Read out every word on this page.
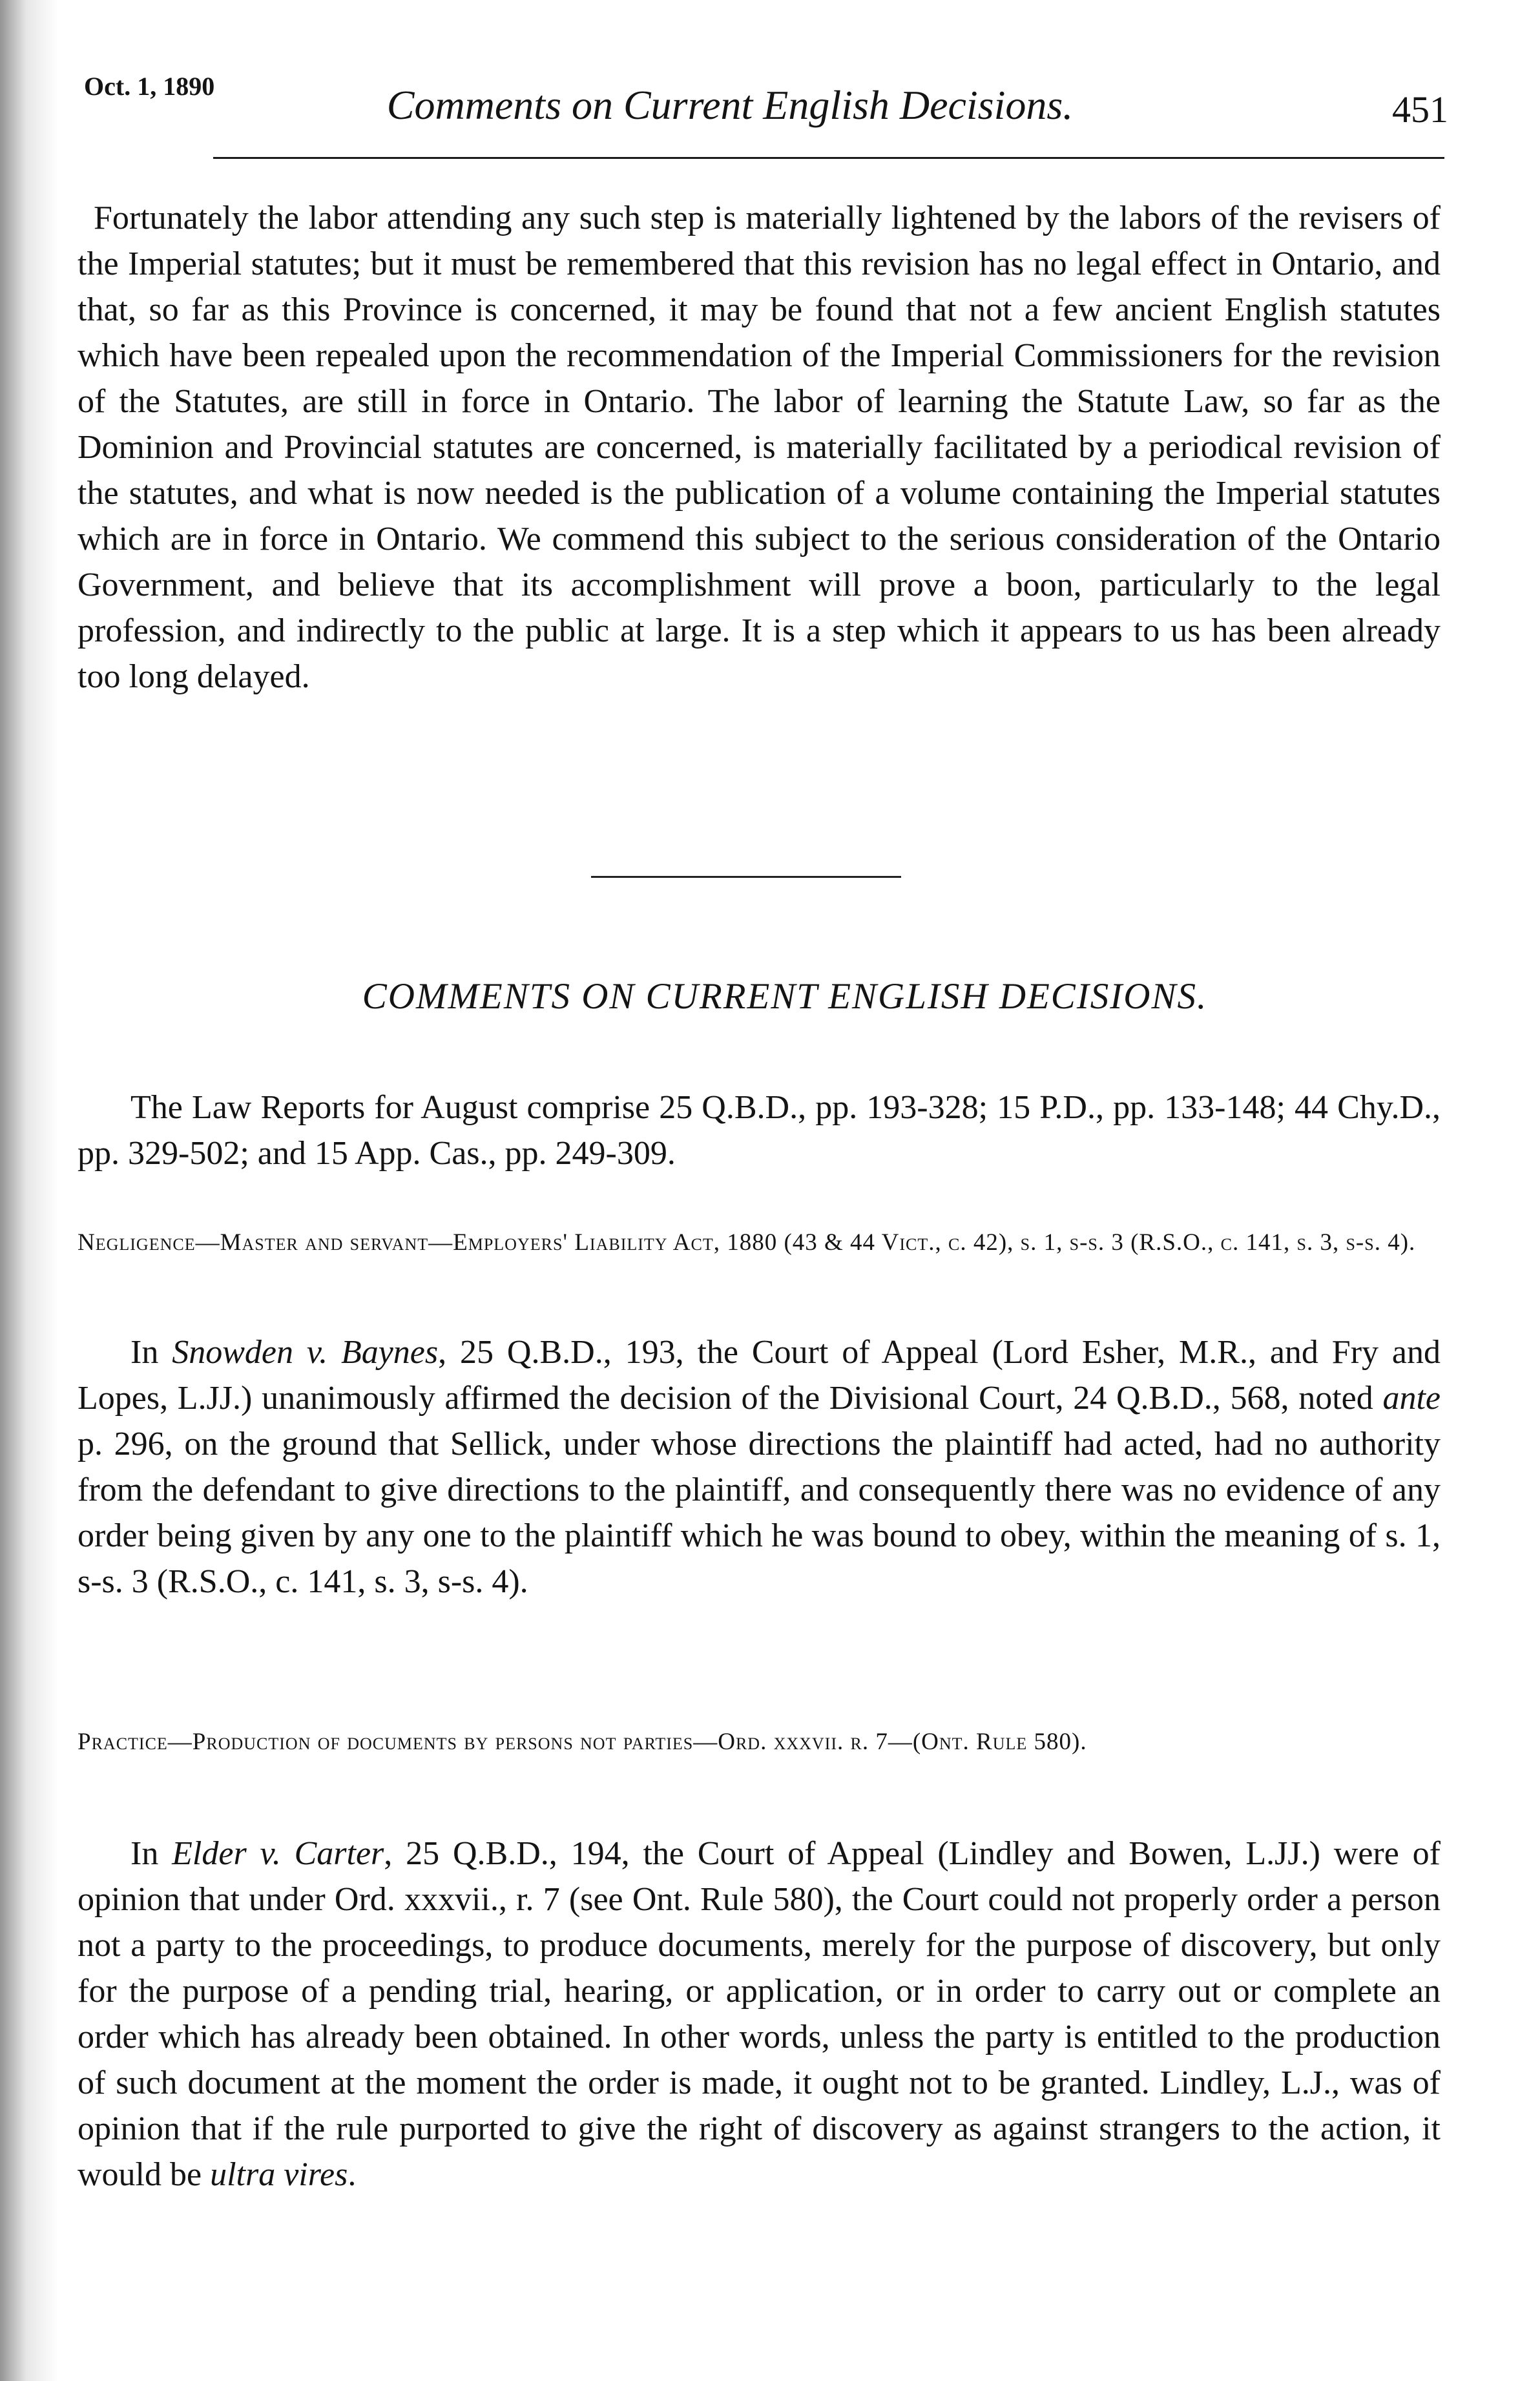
Oct. 1, 1890	Comments on Current English Decisions.	451

Fortunately the labor attending any such step is materially lightened by the labors of the revisers of the Imperial statutes; but it must be remembered that this revision has no legal effect in Ontario, and that, so far as this Province is concerned, it may be found that not a few ancient English statutes which have been repealed upon the recommendation of the Imperial Commissioners for the revision of the Statutes, are still in force in Ontario. The labor of learning the Statute Law, so far as the Dominion and Provincial statutes are concerned, is materially facilitated by a periodical revision of the statutes, and what is now needed is the publication of a volume containing the Imperial statutes which are in force in Ontario. We commend this subject to the serious consideration of the Ontario Government, and believe that its accomplishment will prove a boon, particularly to the legal profession, and indirectly to the public at large. It is a step which it appears to us has been already too long delayed.

COMMENTS ON CURRENT ENGLISH DECISIONS.

The Law Reports for August comprise 25 Q.B.D., pp. 193-328; 15 P.D., pp. 133-148; 44 Chy.D., pp. 329-502; and 15 App. Cas., pp. 249-309.

Negligence—Master and servant—Employers' Liability Act, 1880 (43 & 44 Vict., c. 42), s. 1, s-s. 3 (R.S.O., c. 141, s. 3, s-s. 4).

In Snowden v. Baynes, 25 Q.B.D., 193, the Court of Appeal (Lord Esher, M.R., and Fry and Lopes, L.JJ.) unanimously affirmed the decision of the Divisional Court, 24 Q.B.D., 568, noted ante p. 296, on the ground that Sellick, under whose directions the plaintiff had acted, had no authority from the defendant to give directions to the plaintiff, and consequently there was no evidence of any order being given by any one to the plaintiff which he was bound to obey, within the meaning of s. 1, s-s. 3 (R.S.O., c. 141, s. 3, s-s. 4).

Practice—Production of documents by persons not parties—Ord. xxxvii. r. 7—(Ont. Rule 580).

In Elder v. Carter, 25 Q.B.D., 194, the Court of Appeal (Lindley and Bowen, L.JJ.) were of opinion that under Ord. xxxvii., r. 7 (see Ont. Rule 580), the Court could not properly order a person not a party to the proceedings, to produce documents, merely for the purpose of discovery, but only for the purpose of a pending trial, hearing, or application, or in order to carry out or complete an order which has already been obtained. In other words, unless the party is entitled to the production of such document at the moment the order is made, it ought not to be granted. Lindley, L.J., was of opinion that if the rule purported to give the right of discovery as against strangers to the action, it would be ultra vires.
